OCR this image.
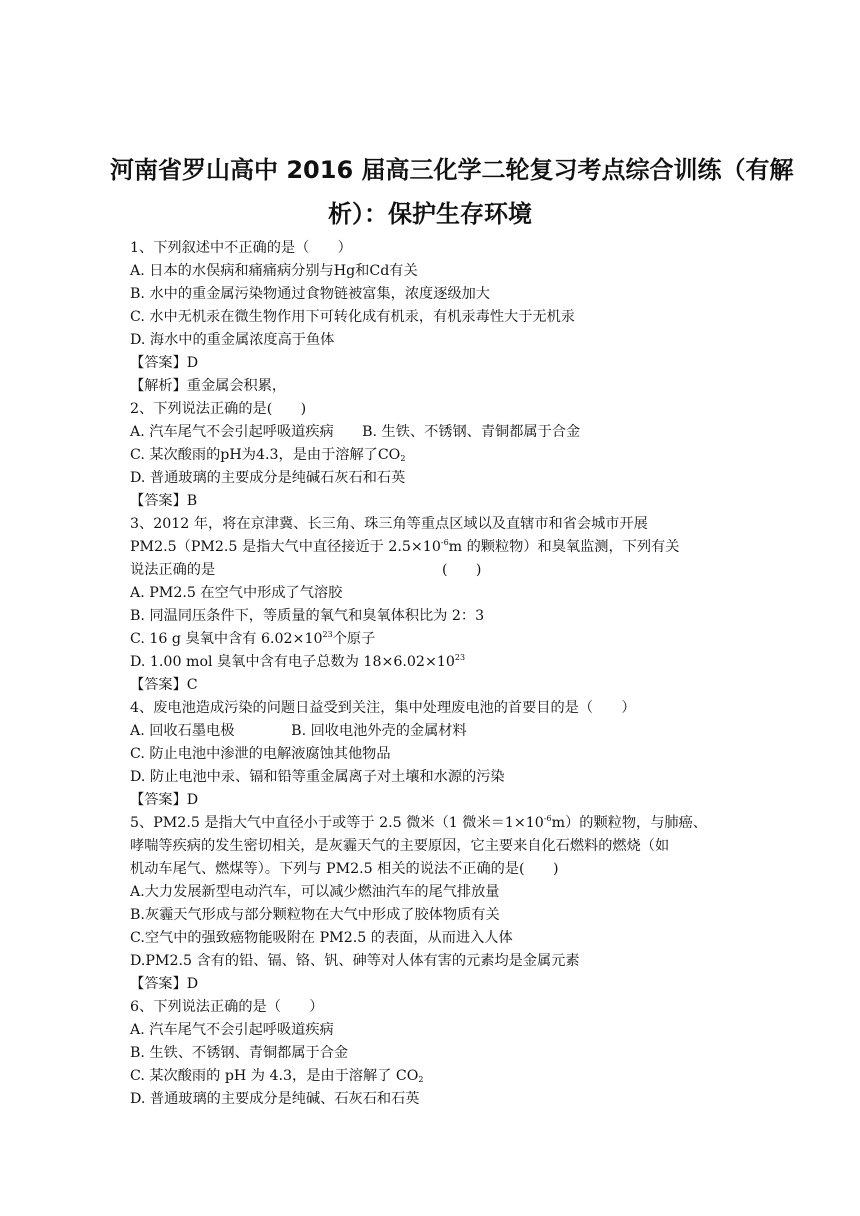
河南省罗山高中 2016 届高三化学二轮复习考点综合训练（有解
析）：保护生存环境
1、下列叙述中不正确的是（　　）
A. 日本的水俣病和痛痛病分别与Hg和Cd有关
B. 水中的重金属污染物通过食物链被富集，浓度逐级加大
C. 水中无机汞在微生物作用下可转化成有机汞，有机汞毒性大于无机汞
D. 海水中的重金属浓度高于鱼体
【答案】D
【解析】重金属会积累，
2、下列说法正确的是(　　)
A. 汽车尾气不会引起呼吸道疾病　　B. 生铁、不锈钢、青铜都属于合金
C. 某次酸雨的pH为4.3，是由于溶解了$CO_2$
D. 普通玻璃的主要成分是纯碱石灰石和石英
【答案】B
3、2012 年，将在京津冀、长三角、珠三角等重点区域以及直辖市和省会城市开展
PM2.5（PM2.5 是指大气中直径接近于 $2.5\times 10^{-6}m$ 的颗粒物）和臭氧监测，下列有关
说法正确的是	(　　)
A. PM2.5 在空气中形成了气溶胶
B. 同温同压条件下，等质量的氧气和臭氧体积比为 2：3
C. 16 g 臭氧中含有 $6.02\times 10^{23}$个原子
D. 1.00 mol 臭氧中含有电子总数为 $18\times 6.02\times 10^{23}$
【答案】C
4、废电池造成污染的问题日益受到关注，集中处理废电池的首要目的是（　　）
A. 回收石墨电极　　　　B. 回收电池外壳的金属材料
C. 防止电池中渗泄的电解液腐蚀其他物品
D. 防止电池中汞、镉和铅等重金属离子对土壤和水源的污染
【答案】D
5、PM2.5 是指大气中直径小于或等于 2.5 微米（1 微米$=1\times 10^{-6}m$）的颗粒物，与肺癌、
哮喘等疾病的发生密切相关，是灰霾天气的主要原因，它主要来自化石燃料的燃烧（如
机动车尾气、燃煤等）。下列与 PM2.5 相关的说法不正确的是(　　)
A.大力发展新型电动汽车，可以减少燃油汽车的尾气排放量
B.灰霾天气形成与部分颗粒物在大气中形成了胶体物质有关
C.空气中的强致癌物能吸附在 PM2.5 的表面，从而进入人体
D.PM2.5 含有的铅、镉、铬、钒、砷等对人体有害的元素均是金属元素
【答案】D
6、下列说法正确的是（　　）
A. 汽车尾气不会引起呼吸道疾病
B. 生铁、不锈钢、青铜都属于合金
C. 某次酸雨的 pH 为 4.3，是由于溶解了 $CO_2$
D. 普通玻璃的主要成分是纯碱、石灰石和石英
